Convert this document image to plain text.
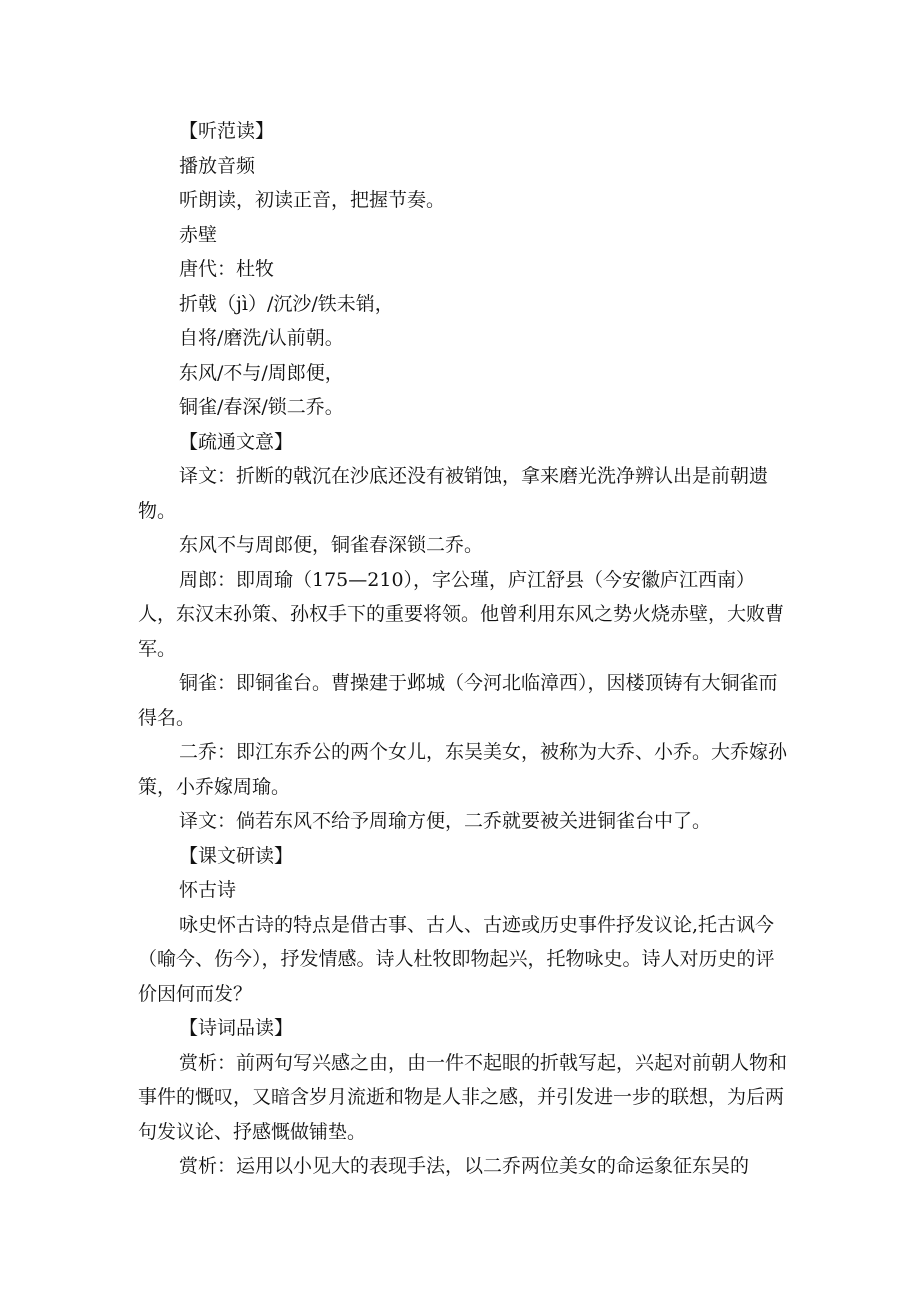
【听范读】

播放音频

听朗读，初读正音，把握节奏。

赤壁

唐代：杜牧

折戟（jì）/沉沙/铁未销，

自将/磨洗/认前朝。

东风/不与/周郎便，

铜雀/春深/锁二乔。

【疏通文意】

译文：折断的戟沉在沙底还没有被销蚀，拿来磨光洗净辨认出是前朝遗物。

东风不与周郎便，铜雀春深锁二乔。

周郎：即周瑜（175—210），字公瑾，庐江舒县（今安徽庐江西南）人，东汉末孙策、孙权手下的重要将领。他曾利用东风之势火烧赤壁，大败曹军。

铜雀：即铜雀台。曹操建于邺城（今河北临漳西），因楼顶铸有大铜雀而得名。

二乔：即江东乔公的两个女儿，东吴美女，被称为大乔、小乔。大乔嫁孙策，小乔嫁周瑜。

译文：倘若东风不给予周瑜方便，二乔就要被关进铜雀台中了。

【课文研读】

怀古诗

咏史怀古诗的特点是借古事、古人、古迹或历史事件抒发议论,托古讽今（喻今、伤今），抒发情感。诗人杜牧即物起兴，托物咏史。诗人对历史的评价因何而发？

【诗词品读】

赏析：前两句写兴感之由，由一件不起眼的折戟写起，兴起对前朝人物和事件的慨叹，又暗含岁月流逝和物是人非之感，并引发进一步的联想，为后两句发议论、抒感慨做铺垫。

赏析：运用以小见大的表现手法，以二乔两位美女的命运象征东吴的
